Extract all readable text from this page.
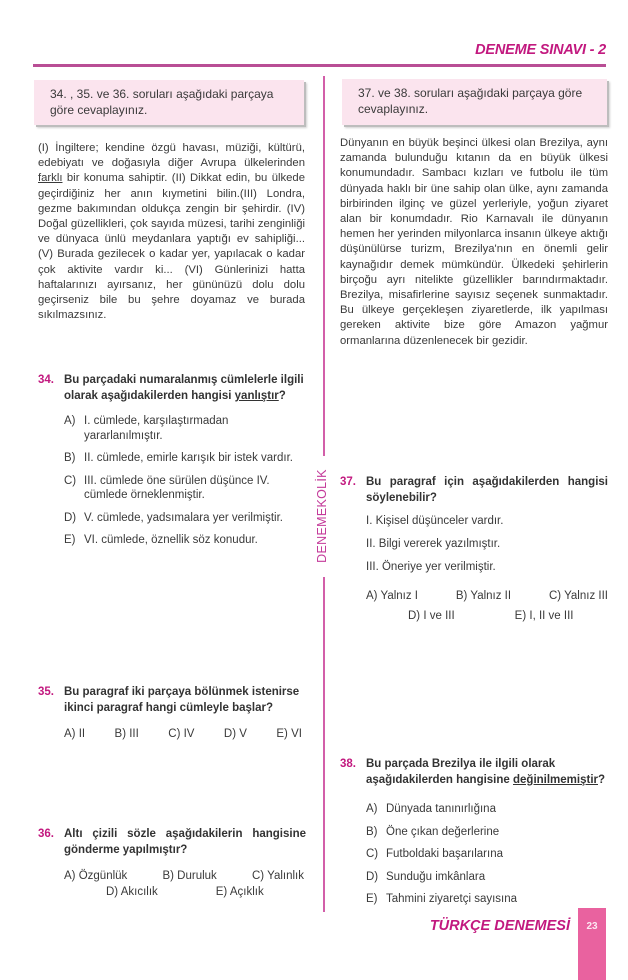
DENEME SINAVI - 2
DENEMEKOLİK
34. , 35. ve 36. soruları aşağıdaki parçaya göre cevaplayınız.

(I) İngiltere; kendine özgü havası, müziği, kültürü, edebiyatı ve doğasıyla diğer Avrupa ülkelerinden farklı bir konuma sahiptir. (II) Dikkat edin, bu ülkede geçirdiğiniz her anın kıymetini bilin.(III) Londra, gezme bakımından oldukça zengin bir şehirdir. (IV) Doğal güzellikleri, çok sayıda müzesi, tarihi zenginliği ve dünyaca ünlü meydanlara yaptığı ev sahipliği... (V) Burada gezilecek o kadar yer, yapılacak o kadar çok aktivite vardır ki... (VI) Günlerinizi hatta haftalarınızı ayırsanız, her gününüzü dolu dolu geçirseniz bile bu şehre doyamaz ve burada sıkılmazsınız.

34. Bu parçadaki numaralanmış cümlelerle ilgili olarak aşağıdakilerden hangisi yanlıştır?
A) I. cümlede, karşılaştırmadan yararlanılmıştır.
B) II. cümlede, emirle karışık bir istek vardır.
C) III. cümlede öne sürülen düşünce IV. cümlede örneklenmiştir.
D) V. cümlede, yadsımalara yer verilmiştir.
E) VI. cümlede, öznellik söz konudur.
35. Bu paragraf iki parçaya bölünmek istenirse ikinci paragraf hangi cümleyle başlar?
A) II	B) III	C) IV	D) V	E) VI
36. Altı çizili sözle aşağıdakilerin hangisine gönderme yapılmıştır?
A) Özgünlük	B) Duruluk	C) Yalınlık
D) Akıcılık	E) Açıklık
37. ve 38. soruları aşağıdaki parçaya göre cevaplayınız.

Dünyanın en büyük beşinci ülkesi olan Brezilya, aynı zamanda bulunduğu kıtanın da en büyük ülkesi konumundadır. Sambacı kızları ve futbolu ile tüm dünyada haklı bir üne sahip olan ülke, aynı zamanda birbirinden ilginç ve güzel yerleriyle, yoğun ziyaret alan bir konumdadır. Rio Karnavalı ile dünyanın hemen her yerinden milyonlarca insanın ülkeye aktığı düşünülürse turizm, Brezilya'nın en önemli gelir kaynağıdır demek mümkündür. Ülkedeki şehirlerin birçoğu ayrı nitelikte güzellikler barındırmaktadır. Brezilya, misafirlerine sayısız seçenek sunmaktadır. Bu ülkeye gerçekleşen ziyaretlerde, ilk yapılması gereken aktivite bize göre Amazon yağmur ormanlarına düzenlenecek bir gezidir.

37. Bu paragraf için aşağıdakilerden hangisi söylenebilir?
I. Kişisel düşünceler vardır.
II. Bilgi vererek yazılmıştır.
III. Öneriye yer verilmiştir.
A) Yalnız I	B) Yalnız II	C) Yalnız III
D) I ve III	E) I, II ve III
38. Bu parçada Brezilya ile ilgili olarak aşağıdakilerden hangisine değinilmemiştir?
A) Dünyada tanınırlığına
B) Öne çıkan değerlerine
C) Futboldaki başarılarına
D) Sunduğu imkânlara
E) Tahmini ziyaretçi sayısına
TÜRKÇE DENEMESİ	23
